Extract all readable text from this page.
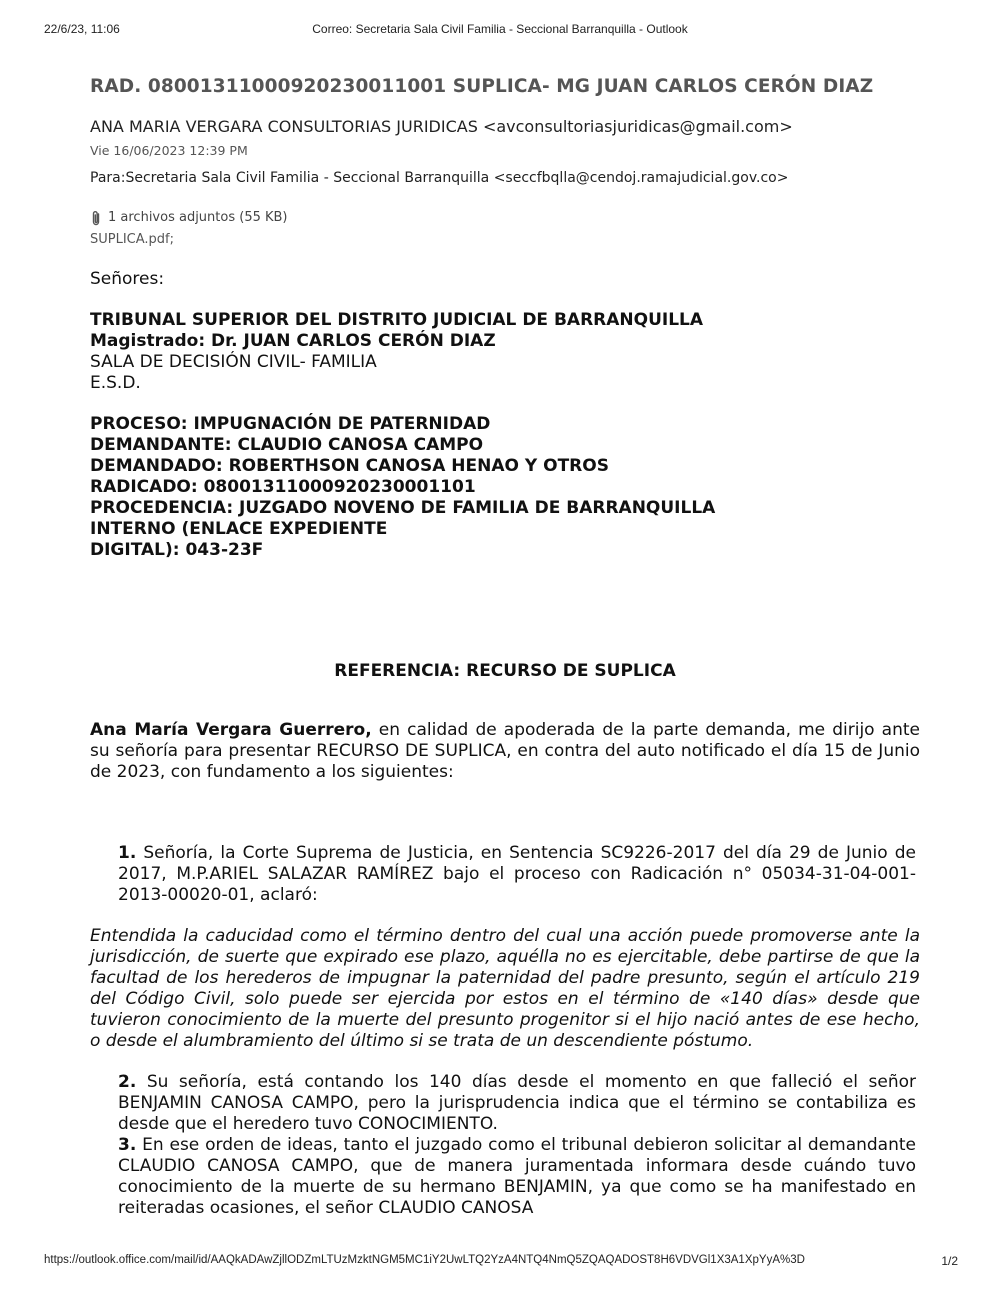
22/6/23, 11:06	Correo: Secretaria Sala Civil Familia - Seccional Barranquilla - Outlook
RAD. 08001311000920230011001 SUPLICA- MG JUAN CARLOS CERÓN DIAZ
ANA MARIA VERGARA CONSULTORIAS JURIDICAS <avconsultoriasjuridicas@gmail.com>
Vie 16/06/2023 12:39 PM
Para:Secretaria Sala Civil Familia - Seccional Barranquilla <seccfbqlla@cendoj.ramajudicial.gov.co>
1 archivos adjuntos (55 KB)
SUPLICA.pdf;

Señores:

TRIBUNAL SUPERIOR DEL DISTRITO JUDICIAL DE BARRANQUILLA

Magistrado: Dr. JUAN CARLOS CERÓN DIAZ

SALA DE DECISIÓN CIVIL- FAMILIA

E.S.D.

PROCESO: IMPUGNACIÓN DE PATERNIDAD

DEMANDANTE: CLAUDIO CANOSA CAMPO

DEMANDADO: ROBERTHSON CANOSA HENAO Y OTROS

RADICADO: 08001311000920230001101

PROCEDENCIA: JUZGADO NOVENO DE FAMILIA DE BARRANQUILLA

INTERNO (ENLACE EXPEDIENTE

DIGITAL): 043-23F

REFERENCIA: RECURSO DE SUPLICA

Ana María Vergara Guerrero, en calidad de apoderada de la parte demanda, me dirijo ante su señoría para presentar RECURSO DE SUPLICA, en contra del auto notificado el día 15 de Junio de 2023, con fundamento a los siguientes:

1. Señoría, la Corte Suprema de Justicia, en Sentencia SC9226-2017 del día 29 de Junio de 2017, M.P.ARIEL SALAZAR RAMÍREZ bajo el proceso con Radicación n° 05034-31-04-001-2013-00020-01, aclaró:

Entendida la caducidad como el término dentro del cual una acción puede promoverse ante la jurisdicción, de suerte que expirado ese plazo, aquélla no es ejercitable, debe partirse de que la facultad de los herederos de impugnar la paternidad del padre presunto, según el artículo 219 del Código Civil, solo puede ser ejercida por estos en el término de «140 días» desde que tuvieron conocimiento de la muerte del presunto progenitor si el hijo nació antes de ese hecho, o desde el alumbramiento del último si se trata de un descendiente póstumo.

2. Su señoría, está contando los 140 días desde el momento en que falleció el señor BENJAMIN CANOSA CAMPO, pero la jurisprudencia indica que el término se contabiliza es desde que el heredero tuvo CONOCIMIENTO.

3. En ese orden de ideas, tanto el juzgado como el tribunal debieron solicitar al demandante CLAUDIO CANOSA CAMPO, que de manera juramentada informara desde cuándo tuvo conocimiento de la muerte de su hermano BENJAMIN, ya que como se ha manifestado en reiteradas ocasiones, el señor CLAUDIO CANOSA

https://outlook.office.com/mail/id/AAQkADAwZjllODZmLTUzMzktNGM5MC1iY2UwLTQ2YzA4NTQ4NmQ5ZQAQADOST8H6VDVGl1X3A1XpYyA%3D	1/2
